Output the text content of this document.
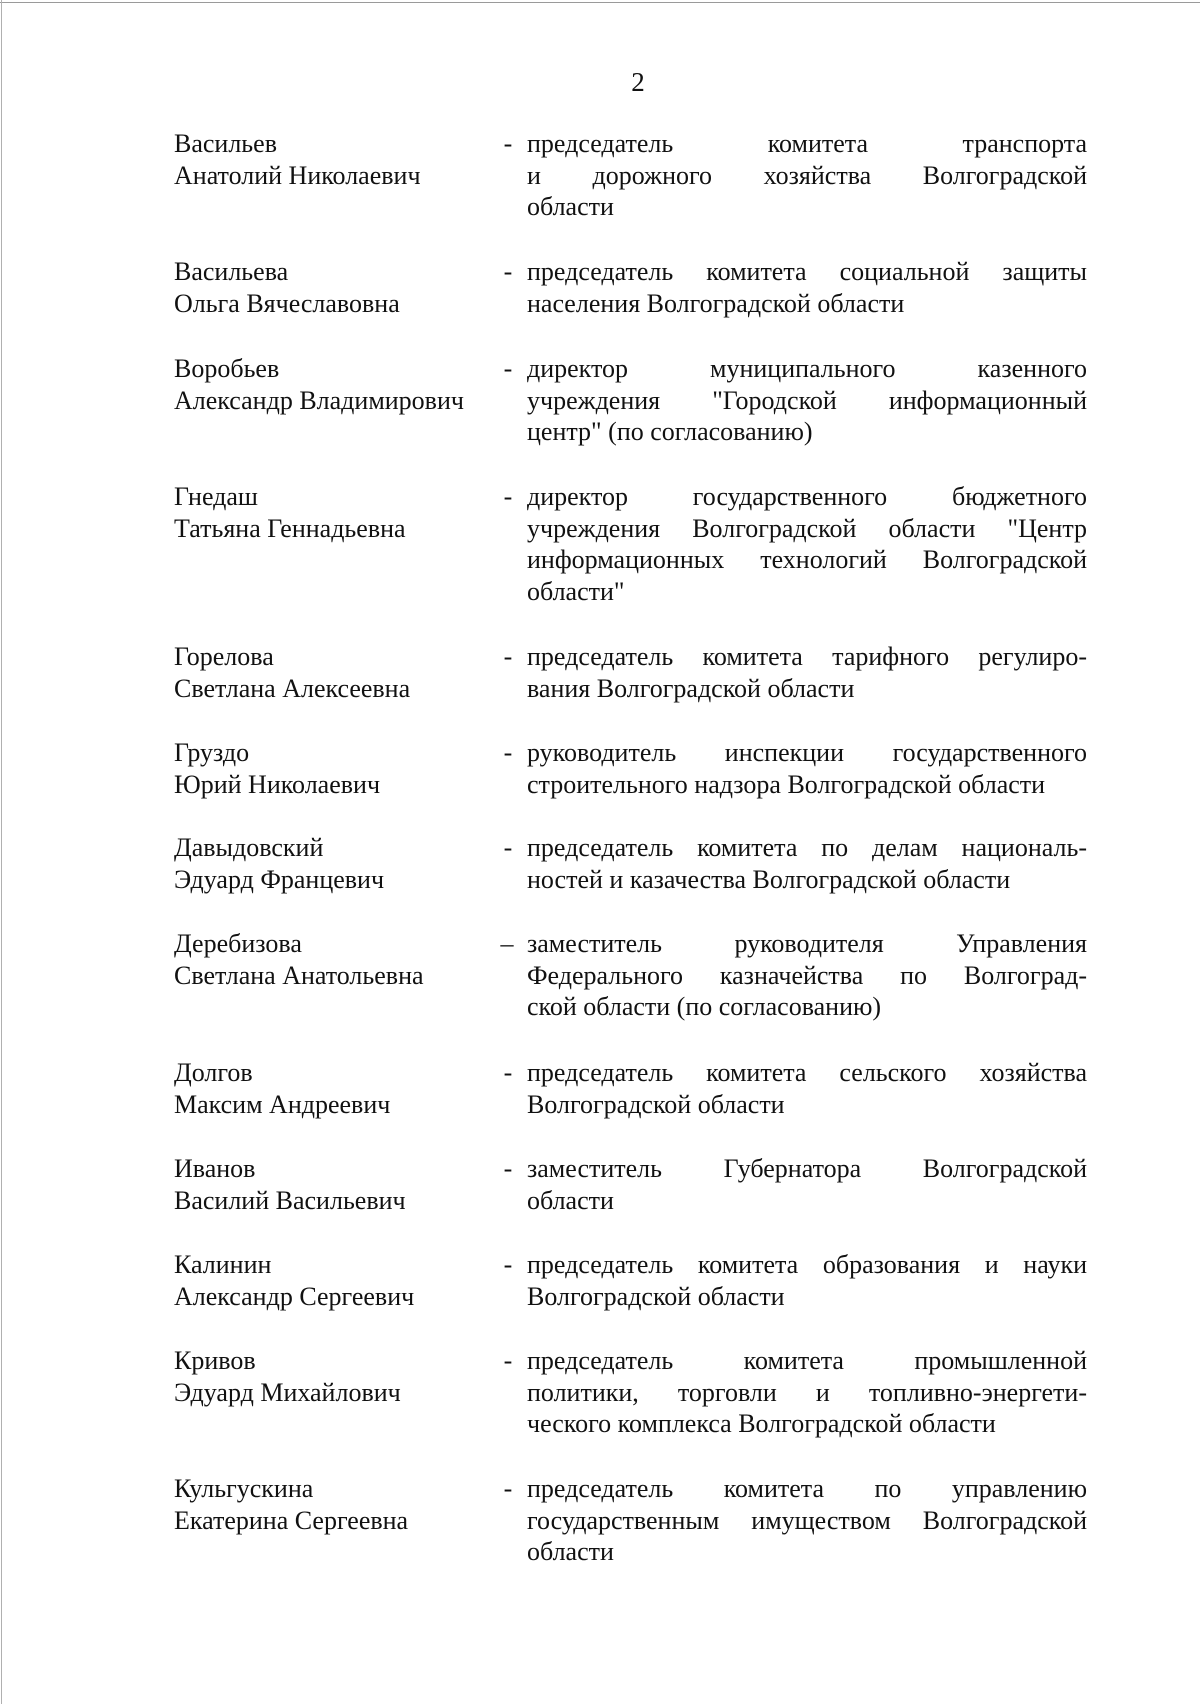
2
Васильев
Анатолий Николаевич
- председатель комитета транспорта
и дорожного хозяйства Волгоградской
области
Васильева
Ольга Вячеславовна
- председатель комитета социальной защиты
населения Волгоградской области
Воробьев
Александр Владимирович
- директор муниципального казенного
учреждения "Городской информационный
центр" (по согласованию)
Гнедаш
Татьяна Геннадьевна
- директор государственного бюджетного
учреждения Волгоградской области "Центр
информационных технологий Волгоградской
области"
Горелова
Светлана Алексеевна
- председатель комитета тарифного регулиро-
вания Волгоградской области
Груздо
Юрий Николаевич
- руководитель инспекции государственного
строительного надзора Волгоградской области
Давыдовский
Эдуард Францевич
- председатель комитета по делам националь-
ностей и казачества Волгоградской области
Деребизова
Светлана Анатольевна
– заместитель руководителя Управления
Федерального казначейства по Волгоград-
ской области (по согласованию)
Долгов
Максим Андреевич
- председатель комитета сельского хозяйства
Волгоградской области
Иванов
Василий Васильевич
- заместитель Губернатора Волгоградской
области
Калинин
Александр Сергеевич
- председатель комитета образования и науки
Волгоградской области
Кривов
Эдуард Михайлович
- председатель комитета промышленной
политики, торговли и топливно-энергети-
ческого комплекса Волгоградской области
Кульгускина
Екатерина Сергеевна
- председатель комитета по управлению
государственным имуществом Волгоградской
области
